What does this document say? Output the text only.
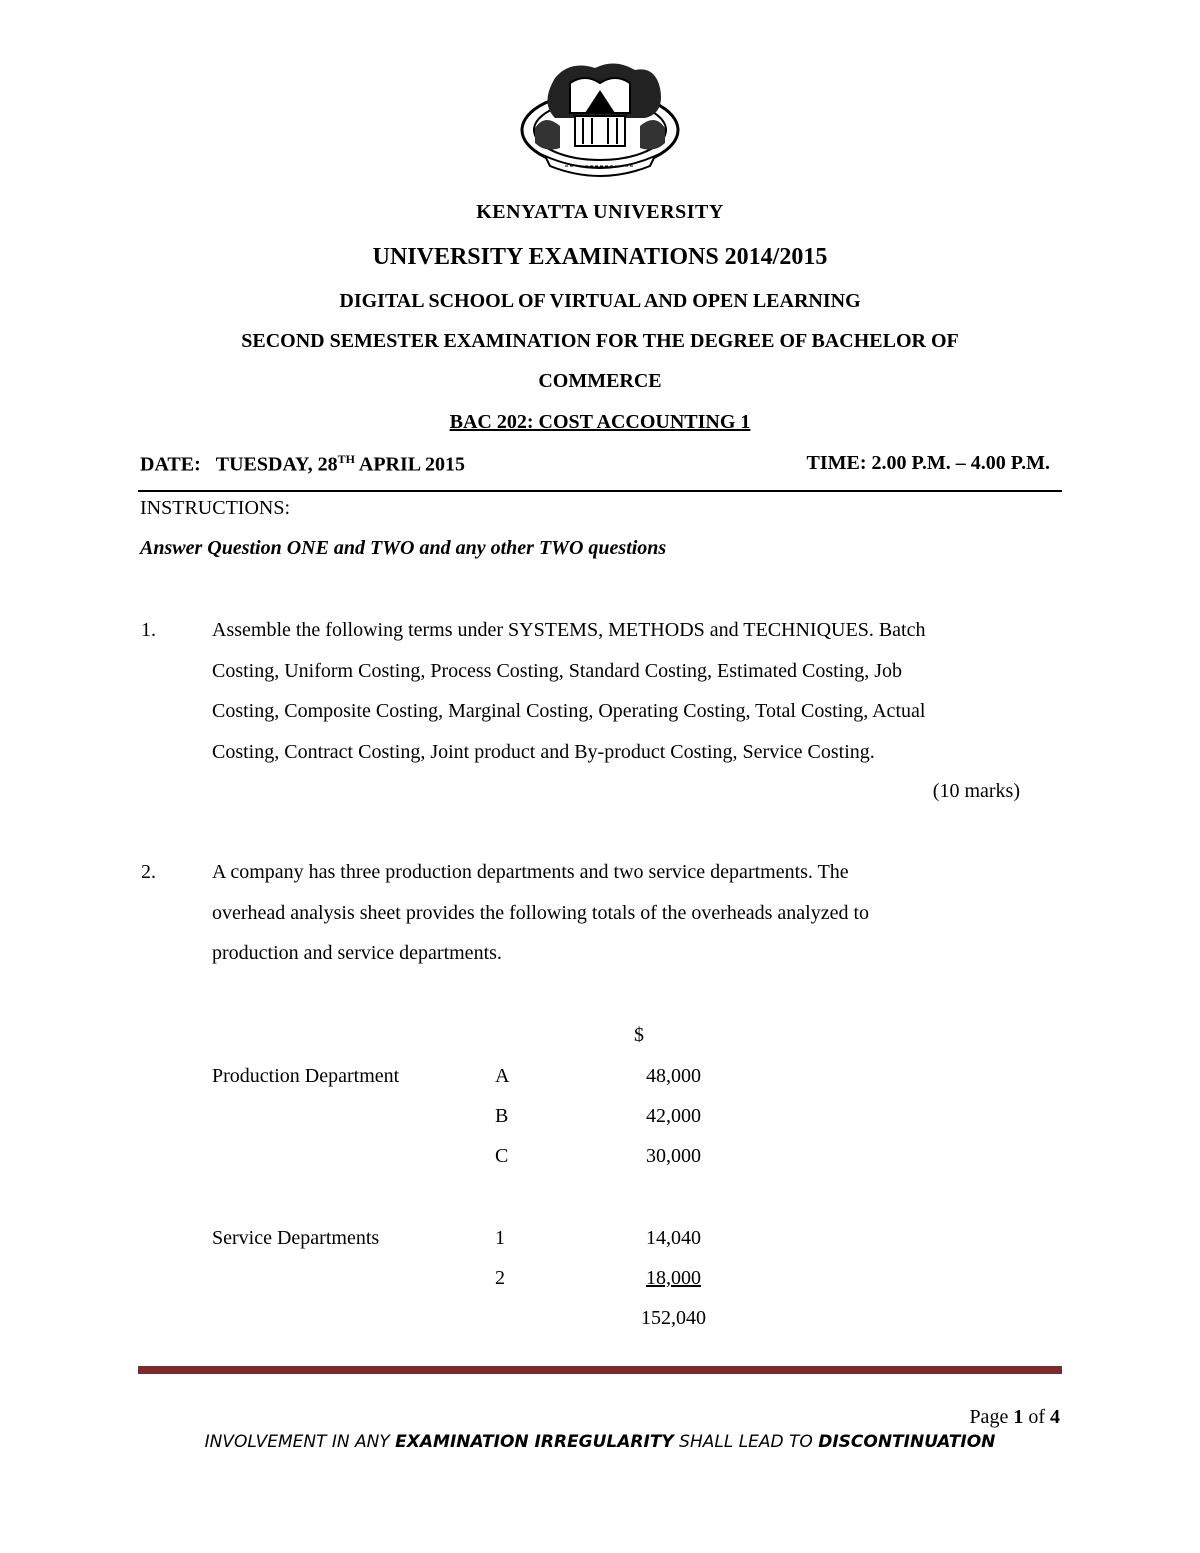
KENYATTA UNIVERSITY
UNIVERSITY EXAMINATIONS 2014/2015
DIGITAL SCHOOL OF VIRTUAL AND OPEN LEARNING
SECOND SEMESTER EXAMINATION FOR THE DEGREE OF BACHELOR OF
COMMERCE
BAC 202: COST ACCOUNTING 1
DATE: TUESDAY, 28TH APRIL 2015	TIME: 2.00 P.M. – 4.00 P.M.
INSTRUCTIONS:
Answer Question ONE and TWO and any other TWO questions
1.	Assemble the following terms under SYSTEMS, METHODS and TECHNIQUES. Batch
Costing, Uniform Costing, Process Costing, Standard Costing, Estimated Costing, Job
Costing, Composite Costing, Marginal Costing, Operating Costing, Total Costing, Actual
Costing, Contract Costing, Joint product and By-product Costing, Service Costing.
(10 marks)
2.	A company has three production departments and two service departments. The
overhead analysis sheet provides the following totals of the overheads analyzed to
production and service departments.
$
Production Department	A	48,000
B	42,000
C	30,000
Service Departments	1	14,040
2	18,000
152,040
Page 1 of 4
INVOLVEMENT IN ANY EXAMINATION IRREGULARITY SHALL LEAD TO DISCONTINUATION
